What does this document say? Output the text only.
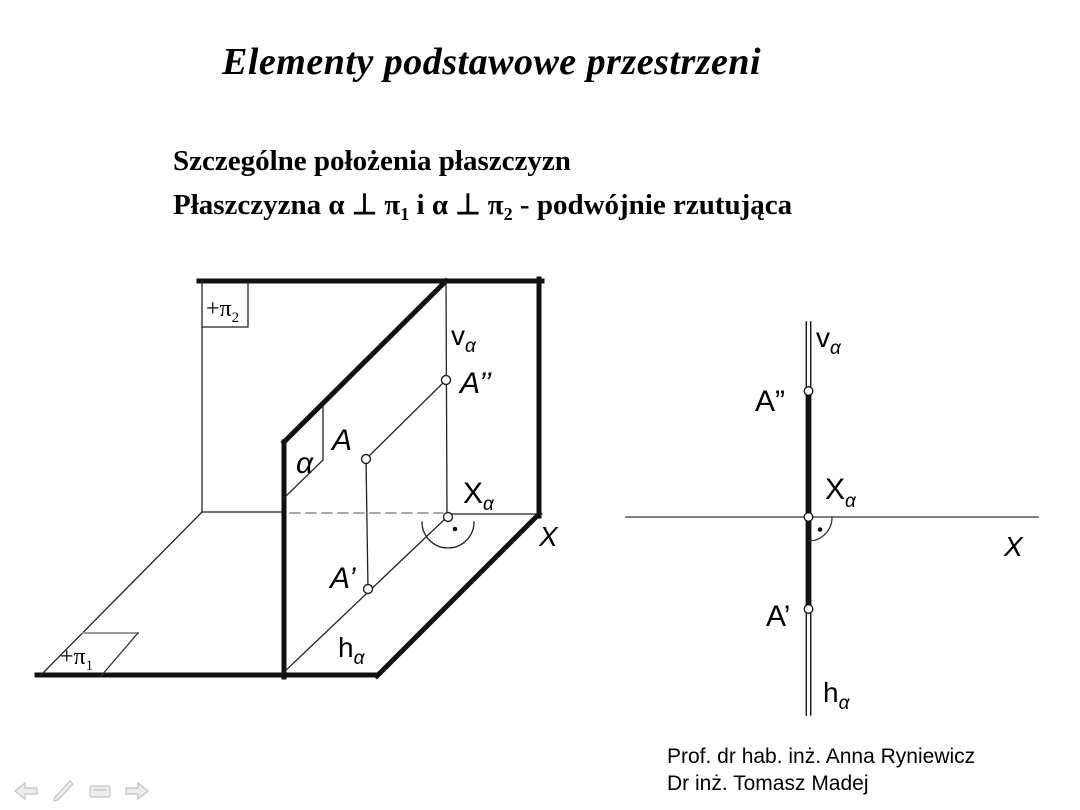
Elementy podstawowe przestrzeni
Szczególne położenia płaszczyzn
Płaszczyzna α ⊥ $\pi_1$ i α ⊥ $\pi_2$ - podwójnie rzutująca
$+\pi_2$
$+\pi_1$
$v_\alpha$
A’’
$X_\alpha$
A
α
A’
$h_\alpha$
X
$v_\alpha$
A”
$X_\alpha$
X
A’
$h_\alpha$
Prof. dr hab. inż. Anna Ryniewicz
Dr inż. Tomasz Madej
